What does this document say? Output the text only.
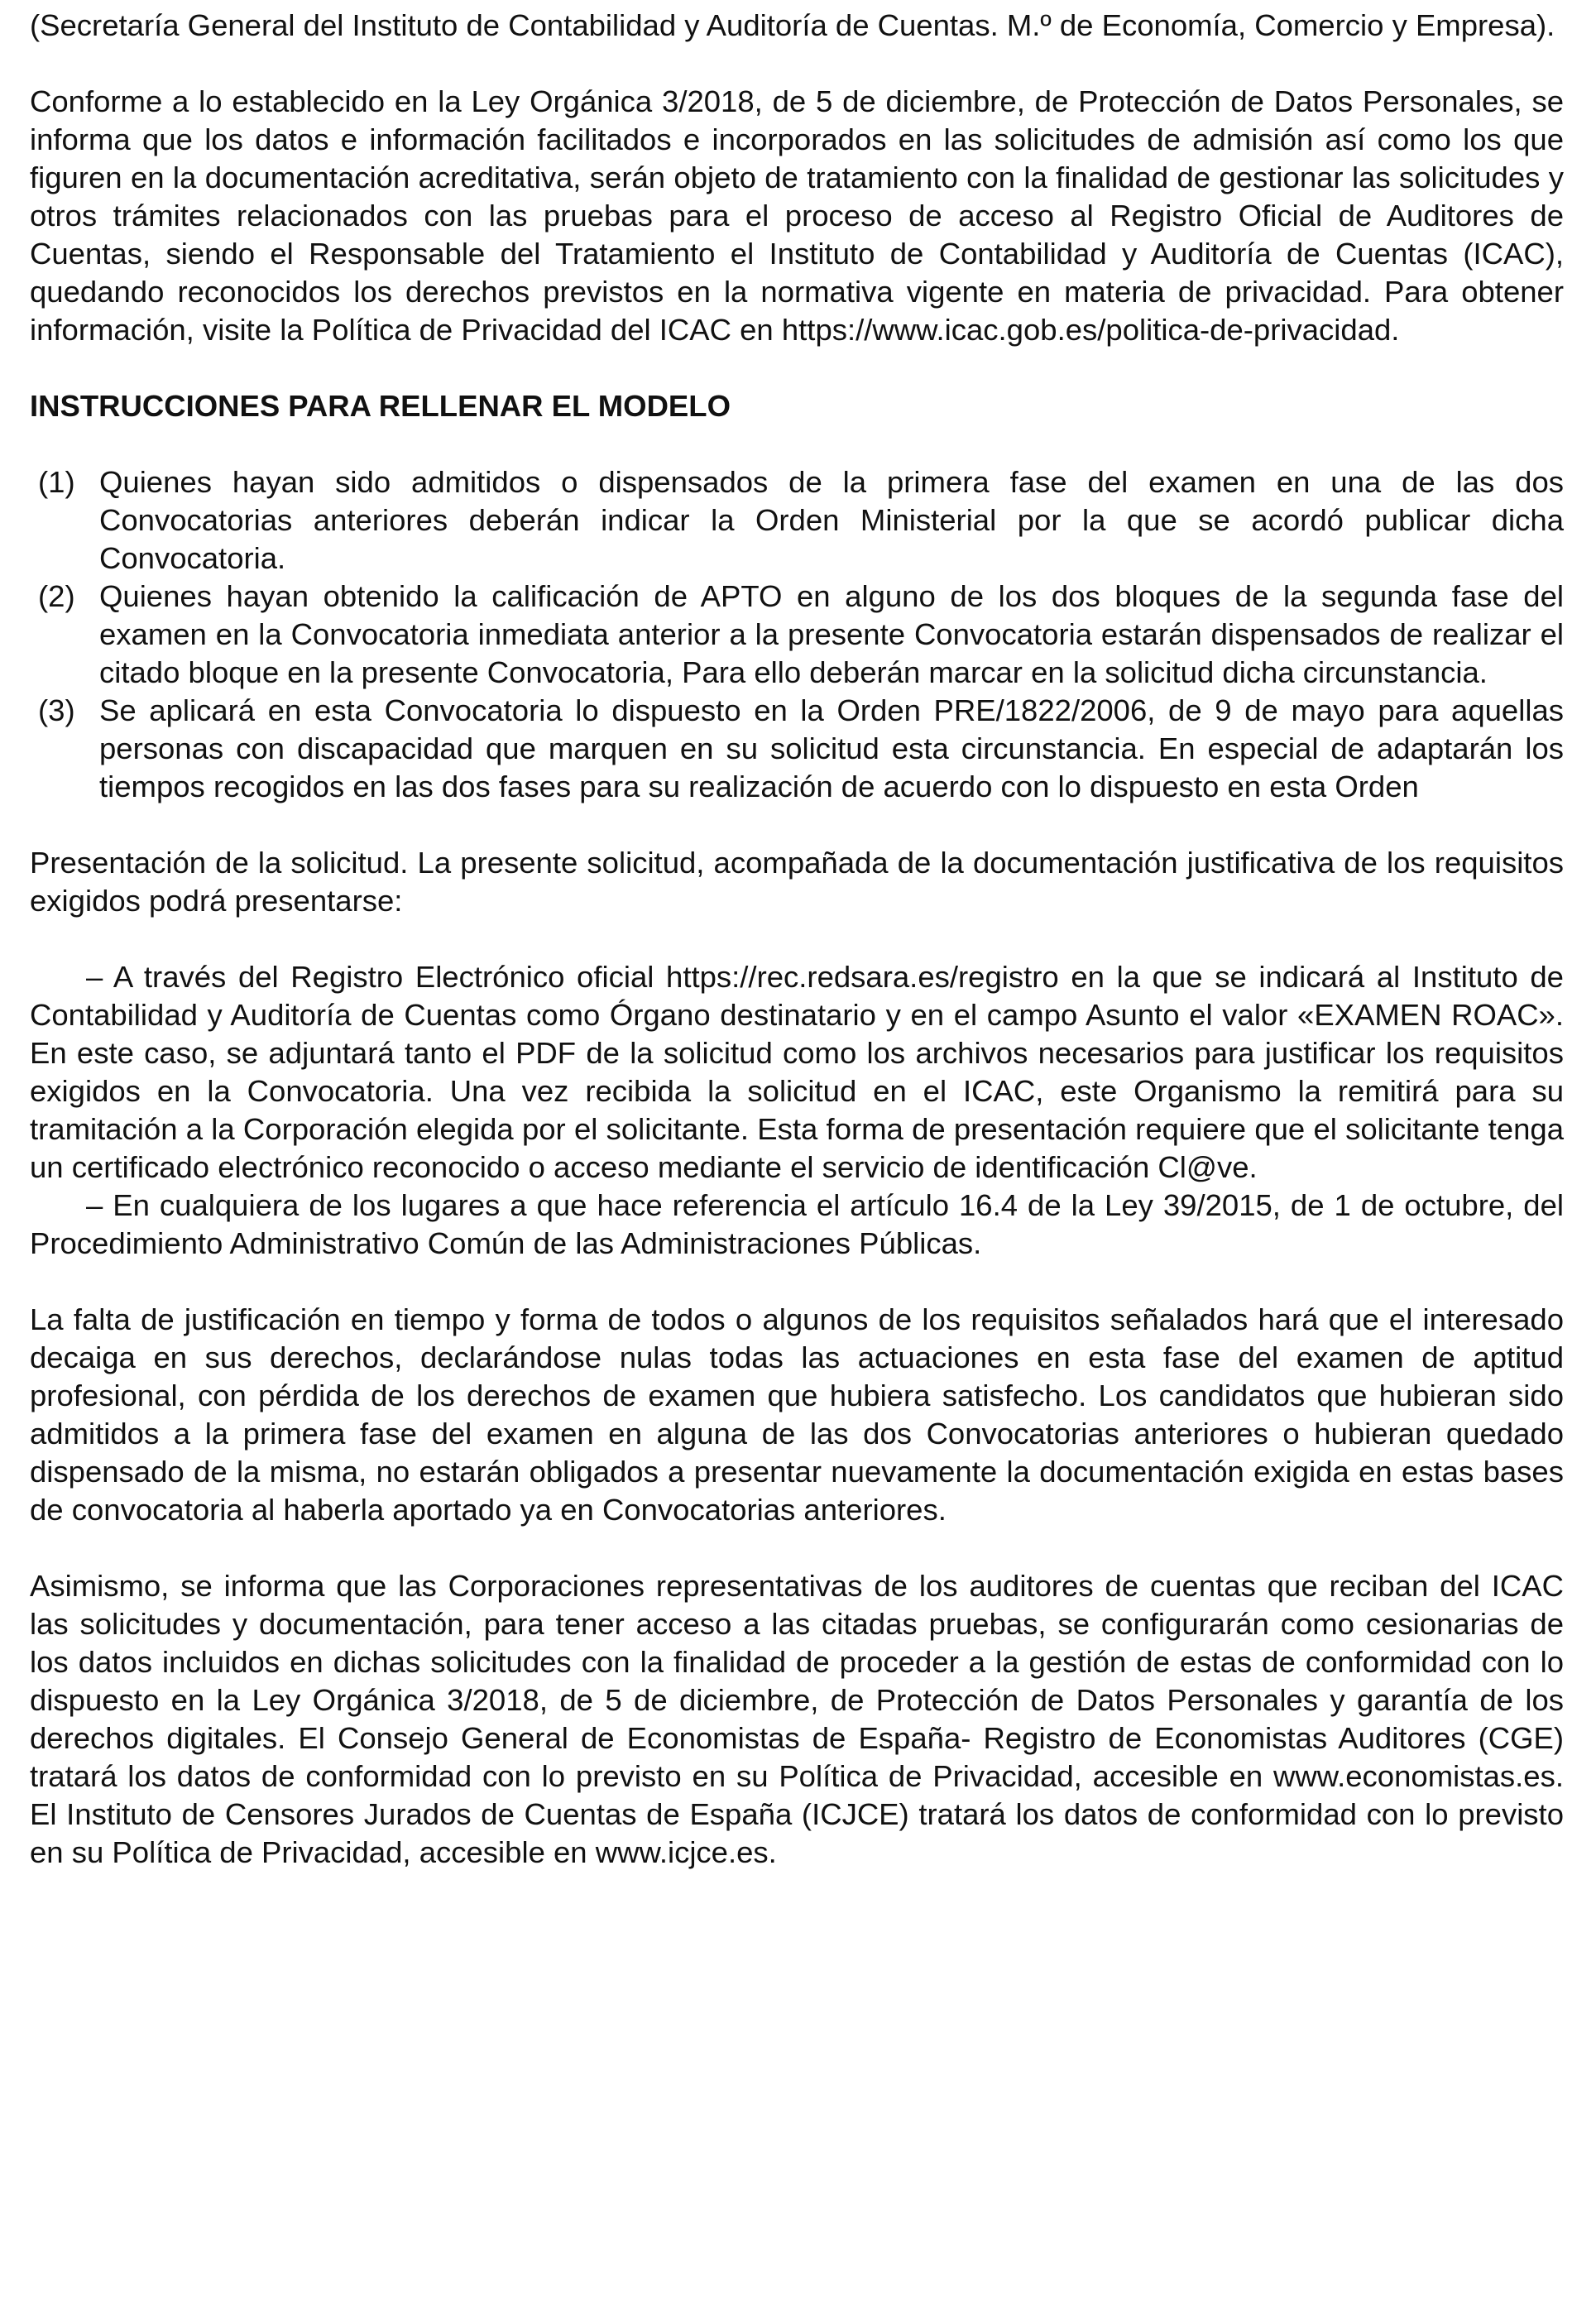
(Secretaría General del Instituto de Contabilidad y Auditoría de Cuentas. M.º de Economía, Comercio y Empresa).

Conforme a lo establecido en la Ley Orgánica 3/2018, de 5 de diciembre, de Protección de Datos Personales, se informa que los datos e información facilitados e incorporados en las solicitudes de admisión así como los que figuren en la documentación acreditativa, serán objeto de tratamiento con la finalidad de gestionar las solicitudes y otros trámites relacionados con las pruebas para el proceso de acceso al Registro Oficial de Auditores de Cuentas, siendo el Responsable del Tratamiento el Instituto de Contabilidad y Auditoría de Cuentas (ICAC), quedando reconocidos los derechos previstos en la normativa vigente en materia de privacidad. Para obtener información, visite la Política de Privacidad del ICAC en https://www.icac.gob.es/politica-de-privacidad.

INSTRUCCIONES PARA RELLENAR EL MODELO

(1) Quienes hayan sido admitidos o dispensados de la primera fase del examen en una de las dos Convocatorias anteriores deberán indicar la Orden Ministerial por la que se acordó publicar dicha Convocatoria.
(2) Quienes hayan obtenido la calificación de APTO en alguno de los dos bloques de la segunda fase del examen en la Convocatoria inmediata anterior a la presente Convocatoria estarán dispensados de realizar el citado bloque en la presente Convocatoria, Para ello deberán marcar en la solicitud dicha circunstancia.
(3) Se aplicará en esta Convocatoria lo dispuesto en la Orden PRE/1822/2006, de 9 de mayo para aquellas personas con discapacidad que marquen en su solicitud esta circunstancia. En especial de adaptarán los tiempos recogidos en las dos fases para su realización de acuerdo con lo dispuesto en esta Orden

Presentación de la solicitud. La presente solicitud, acompañada de la documentación justificativa de los requisitos exigidos podrá presentarse:

– A través del Registro Electrónico oficial https://rec.redsara.es/registro en la que se indicará al Instituto de Contabilidad y Auditoría de Cuentas como Órgano destinatario y en el campo Asunto el valor «EXAMEN ROAC». En este caso, se adjuntará tanto el PDF de la solicitud como los archivos necesarios para justificar los requisitos exigidos en la Convocatoria. Una vez recibida la solicitud en el ICAC, este Organismo la remitirá para su tramitación a la Corporación elegida por el solicitante. Esta forma de presentación requiere que el solicitante tenga un certificado electrónico reconocido o acceso mediante el servicio de identificación Cl@ve.

– En cualquiera de los lugares a que hace referencia el artículo 16.4 de la Ley 39/2015, de 1 de octubre, del Procedimiento Administrativo Común de las Administraciones Públicas.

La falta de justificación en tiempo y forma de todos o algunos de los requisitos señalados hará que el interesado decaiga en sus derechos, declarándose nulas todas las actuaciones en esta fase del examen de aptitud profesional, con pérdida de los derechos de examen que hubiera satisfecho. Los candidatos que hubieran sido admitidos a la primera fase del examen en alguna de las dos Convocatorias anteriores o hubieran quedado dispensado de la misma, no estarán obligados a presentar nuevamente la documentación exigida en estas bases de convocatoria al haberla aportado ya en Convocatorias anteriores.

Asimismo, se informa que las Corporaciones representativas de los auditores de cuentas que reciban del ICAC las solicitudes y documentación, para tener acceso a las citadas pruebas, se configurarán como cesionarias de los datos incluidos en dichas solicitudes con la finalidad de proceder a la gestión de estas de conformidad con lo dispuesto en la Ley Orgánica 3/2018, de 5 de diciembre, de Protección de Datos Personales y garantía de los derechos digitales. El Consejo General de Economistas de España- Registro de Economistas Auditores (CGE) tratará los datos de conformidad con lo previsto en su Política de Privacidad, accesible en www.economistas.es. El Instituto de Censores Jurados de Cuentas de España (ICJCE) tratará los datos de conformidad con lo previsto en su Política de Privacidad, accesible en www.icjce.es.
